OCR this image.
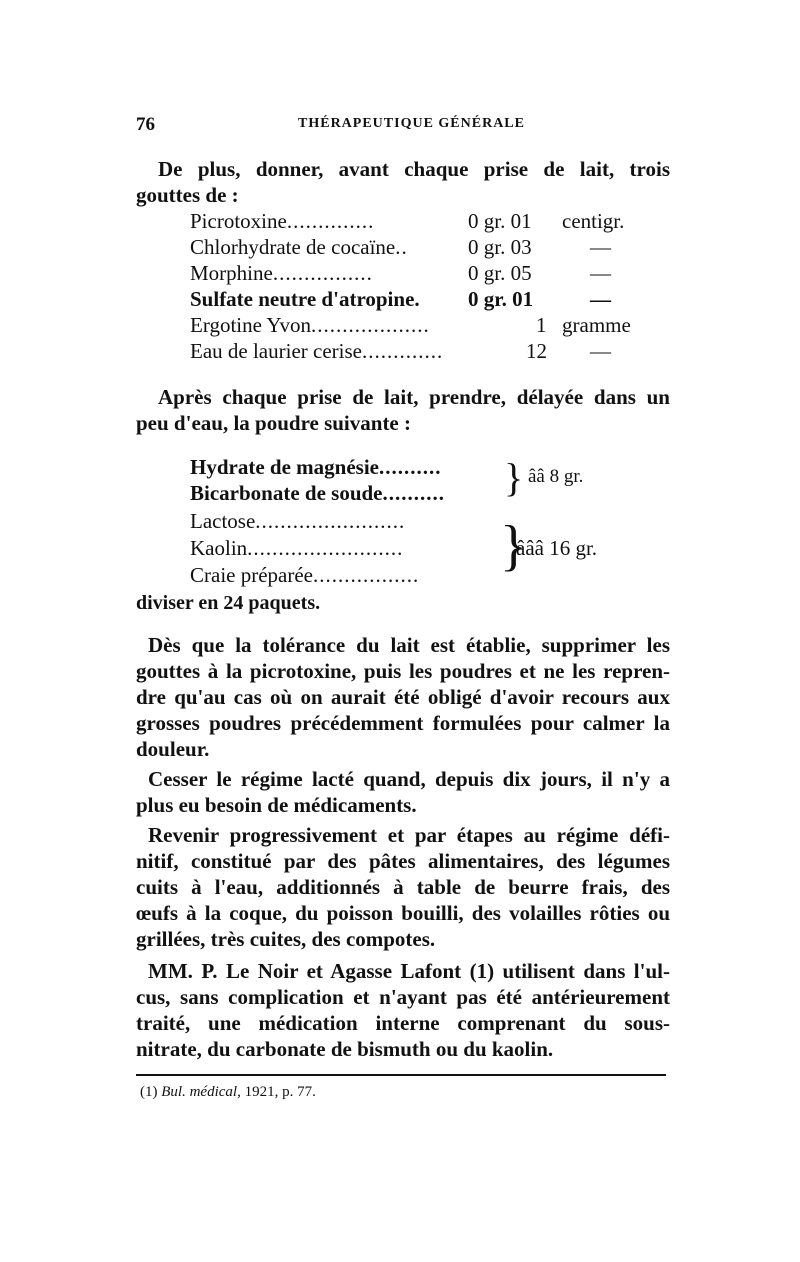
76	THÉRAPEUTIQUE GÉNÉRALE
De plus, donner, avant chaque prise de lait, trois
gouttes de :
Picrotoxine..............	0 gr. 01 centigr.
Chlorhydrate de cocaïne..	0 gr. 03	—
Morphine................	0 gr. 05	—
Sulfate neutre d'atropine. 0 gr. 01	—
Ergotine Yvon...................	1 gramme
Eau de laurier cerise.............	12 —
Après chaque prise de lait, prendre, délayée dans un
peu d'eau, la poudre suivante :
Hydrate de magnésie..........
Bicarbonate de soude.......... } ââ 8 gr.
Lactose........................
Kaolin.........................
Craie préparée................. }
âââ 16 gr.
diviser en 24 paquets.
Dès que la tolérance du lait est établie, supprimer les
gouttes à la picrotoxine, puis les poudres et ne les repren-
dre qu'au cas où on aurait été obligé d'avoir recours aux
grosses poudres précédemment formulées pour calmer la
douleur.
Cesser le régime lacté quand, depuis dix jours, il n'y a
plus eu besoin de médicaments.
Revenir progressivement et par étapes au régime défi-
nitif, constitué par des pâtes alimentaires, des légumes
cuits à l'eau, additionnés à table de beurre frais, des
œufs à la coque, du poisson bouilli, des volailles rôties ou
grillées, très cuites, des compotes.
MM. P. Le Noir et Agasse Lafont (1) utilisent dans l'ul-
cus, sans complication et n'ayant pas été antérieurement
traité, une médication interne comprenant du sous-
nitrate, du carbonate de bismuth ou du kaolin.
(1) Bul. médical, 1921, p. 77.
